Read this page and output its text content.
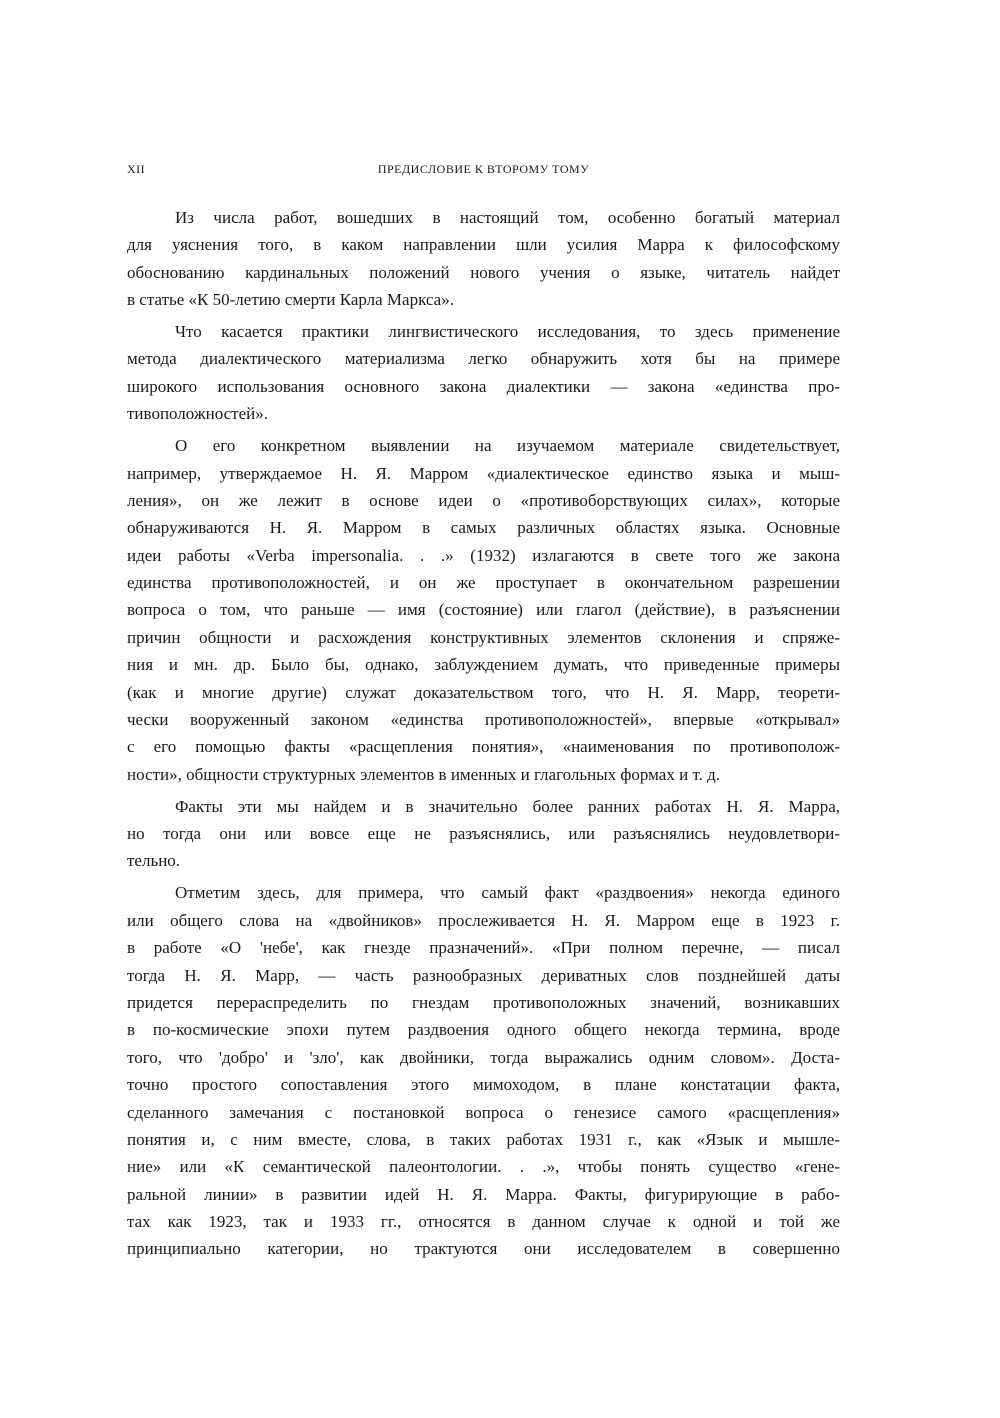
XII	ПРЕДИСЛОВИЕ К ВТОРОМУ ТОМУ
Из числа работ, вошедших в настоящий том, особенно богатый материал
для уяснения того, в каком направлении шли усилия Марра к философскому
обоснованию кардинальных положений нового учения о языке, читатель найдет
в статье «К 50-летию смерти Карла Маркса».
Что касается практики лингвистического исследования, то здесь применение
метода диалектического материализма легко обнаружить хотя бы на примере
широкого использования основного закона диалектики — закона «единства про-
тивоположностей».
О его конкретном выявлении на изучаемом материале свидетельствует,
например, утверждаемое Н. Я. Марром «диалектическое единство языка и мыш-
ления», он же лежит в основе идеи о «противоборствующих силах», которые
обнаруживаются Н. Я. Марром в самых различных областях языка. Основные
идеи работы «Verba impersonalia. . .» (1932) излагаются в свете того же закона
единства противоположностей, и он же проступает в окончательном разрешении
вопроса о том, что раньше — имя (состояние) или глагол (действие), в разъяснении
причин общности и расхождения конструктивных элементов склонения и спряже-
ния и мн. др. Было бы, однако, заблуждением думать, что приведенные примеры
(как и многие другие) служат доказательством того, что Н. Я. Марр, теорети-
чески вооруженный законом «единства противоположностей», впервые «открывал»
с его помощью факты «расщепления понятия», «наименования по противополож-
ности», общности структурных элементов в именных и глагольных формах и т. д.
Факты эти мы найдем и в значительно более ранних работах Н. Я. Марра,
но тогда они или вовсе еще не разъяснялись, или разъяснялись неудовлетвори-
тельно.
Отметим здесь, для примера, что самый факт «раздвоения» некогда единого
или общего слова на «двойников» прослеживается Н. Я. Марром еще в 1923 г.
в работе «О 'небе', как гнезде празначений». «При полном перечне, — писал
тогда Н. Я. Марр, — часть разнообразных дериватных слов позднейшей даты
придется перераспределить по гнездам противоположных значений, возникавших
в по-космические эпохи путем раздвоения одного общего некогда термина, вроде
того, что 'добро' и 'зло', как двойники, тогда выражались одним словом». Доста-
точно простого сопоставления этого мимоходом, в плане констатации факта,
сделанного замечания с постановкой вопроса о генезисе самого «расщепления»
понятия и, с ним вместе, слова, в таких работах 1931 г., как «Язык и мышле-
ние» или «К семантической палеонтологии. . .», чтобы понять существо «гене-
ральной линии» в развитии идей Н. Я. Марра. Факты, фигурирующие в рабо-
тах как 1923, так и 1933 гг., относятся в данном случае к одной и той же
принципиально категории, но трактуются они исследователем в совершенно
